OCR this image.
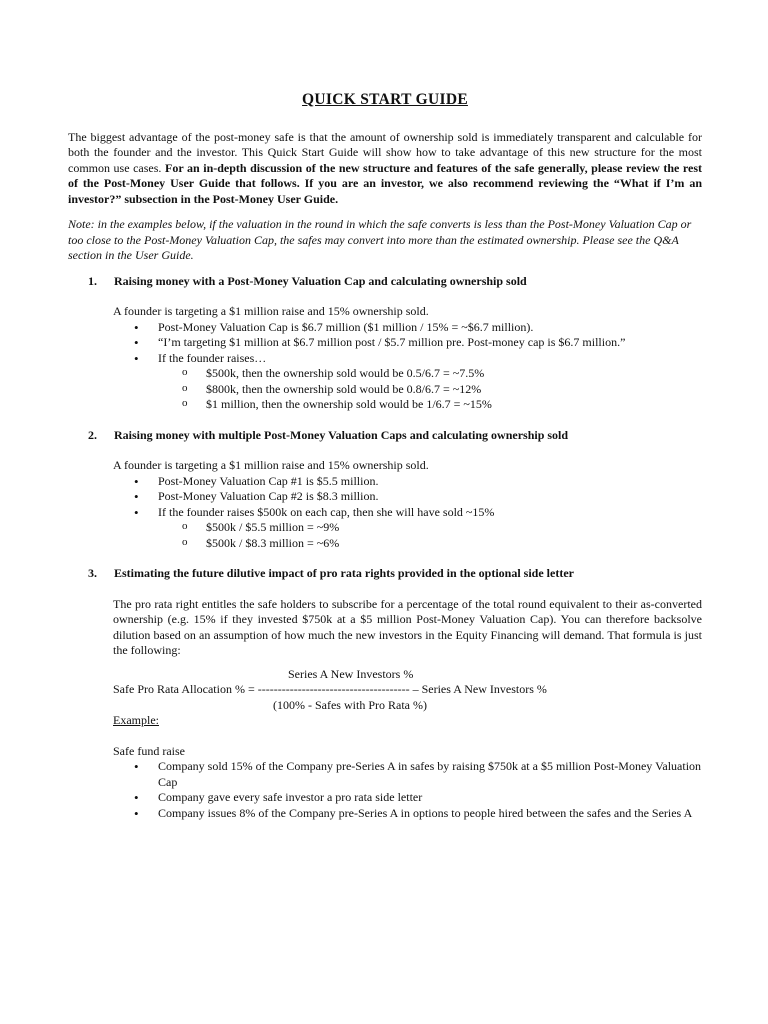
QUICK START GUIDE

The biggest advantage of the post-money safe is that the amount of ownership sold is immediately transparent and calculable for both the founder and the investor. This Quick Start Guide will show how to take advantage of this new structure for the most common use cases. For an in-depth discussion of the new structure and features of the safe generally, please review the rest of the Post-Money User Guide that follows. If you are an investor, we also recommend reviewing the “What if I’m an investor?” subsection in the Post-Money User Guide.

Note: in the examples below, if the valuation in the round in which the safe converts is less than the Post-Money Valuation Cap or too close to the Post-Money Valuation Cap, the safes may convert into more than the estimated ownership. Please see the Q&A section in the User Guide.

1.	Raising money with a Post-Money Valuation Cap and calculating ownership sold

A founder is targeting a $1 million raise and 15% ownership sold.

• Post-Money Valuation Cap is $6.7 million ($1 million / 15% = ~$6.7 million).
• “I’m targeting $1 million at $6.7 million post / $5.7 million pre. Post-money cap is $6.7 million.”
• If the founder raises…
o $500k, then the ownership sold would be 0.5/6.7 = ~7.5%
o $800k, then the ownership sold would be 0.8/6.7 = ~12%
o $1 million, then the ownership sold would be 1/6.7 = ~15%
2.	Raising money with multiple Post-Money Valuation Caps and calculating ownership sold

A founder is targeting a $1 million raise and 15% ownership sold.

• Post-Money Valuation Cap #1 is $5.5 million.
• Post-Money Valuation Cap #2 is $8.3 million.
• If the founder raises $500k on each cap, then she will have sold ~15%
o $500k / $5.5 million = ~9%
o $500k / $8.3 million = ~6%
3.	Estimating the future dilutive impact of pro rata rights provided in the optional side letter

The pro rata right entitles the safe holders to subscribe for a percentage of the total round equivalent to their as-converted ownership (e.g. 15% if they invested $750k at a $5 million Post-Money Valuation Cap). You can therefore backsolve dilution based on an assumption of how much the new investors in the Equity Financing will demand. That formula is just the following:

Series A New Investors %
Safe Pro Rata Allocation % = -------------------------------------- – Series A New Investors %
(100% - Safes with Pro Rata %)

Example:

Safe fund raise

• Company sold 15% of the Company pre-Series A in safes by raising $750k at a $5 million Post-Money Valuation Cap
• Company gave every safe investor a pro rata side letter
• Company issues 8% of the Company pre-Series A in options to people hired between the safes and the Series A
